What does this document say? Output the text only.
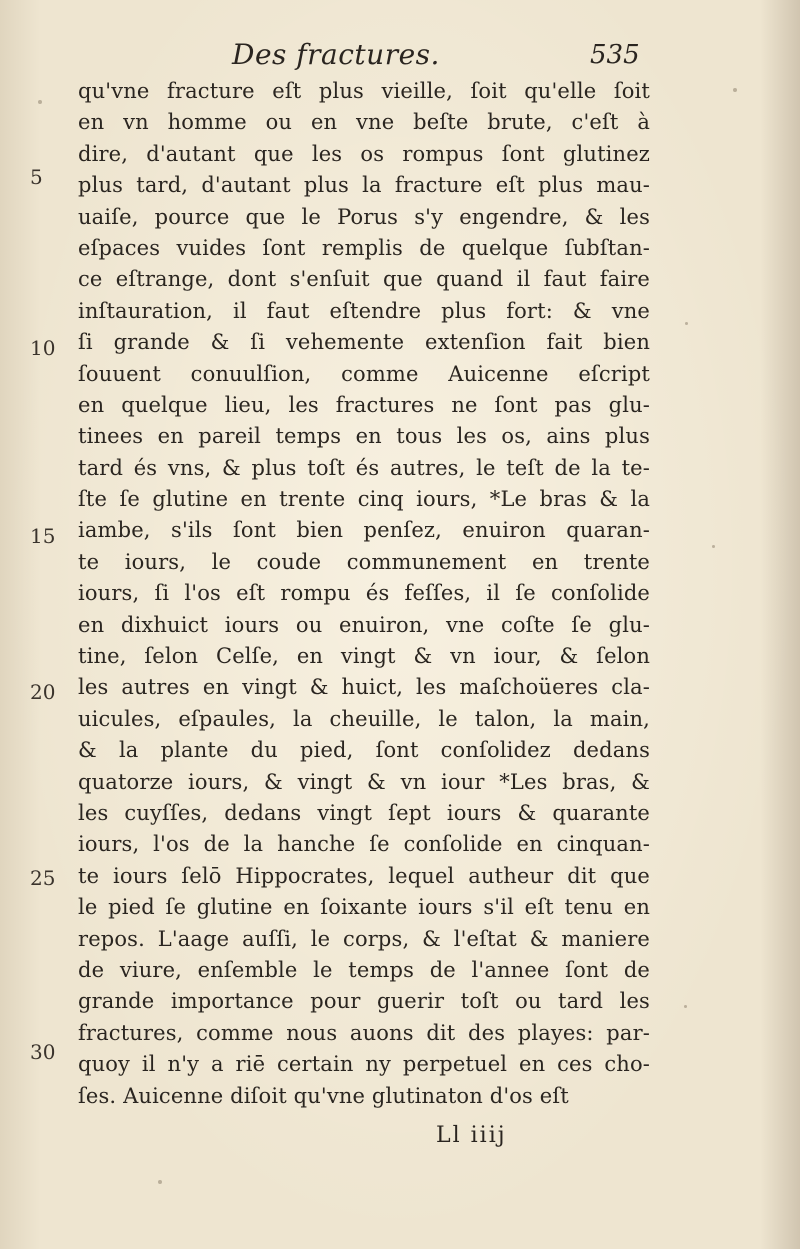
Des fractures.	535
5
10
15
20
25
30
qu'vne fracture eſt plus vieille, ſoit qu'elle ſoit
en vn homme ou en vne beſte brute, c'eſt à
dire, d'autant que les os rompus ſont glutinez
plus tard, d'autant plus la fracture eſt plus mau-
uaiſe, pource que le Porus s'y engendre, & les
eſpaces vuides ſont remplis de quelque ſubſtan-
ce eſtrange, dont s'enſuit que quand il faut faire
inſtauration, il faut eſtendre plus fort: & vne
ſi grande & ſi vehemente extenſion fait bien
ſouuent conuulſion, comme Auicenne eſcript
en quelque lieu, les fractures ne ſont pas glu-
tinees en pareil temps en tous les os, ains plus
tard és vns, & plus toſt és autres, le teſt de la te-
ſte ſe glutine en trente cinq iours, *Le bras & la
iambe, s'ils ſont bien penſez, enuiron quaran-
te iours, le coude communement en trente
iours, ſi l'os eſt rompu és feſſes, il ſe conſolide
en dixhuict iours ou enuiron, vne coſte ſe glu-
tine, ſelon Celſe, en vingt & vn iour, & ſelon
les autres en vingt & huict, les maſchoüeres cla-
uicules, eſpaules, la cheuille, le talon, la main,
& la plante du pied, ſont conſolidez dedans
quatorze iours, & vingt & vn iour *Les bras, &
les cuyſſes, dedans vingt ſept iours & quarante
iours, l'os de la hanche ſe conſolide en cinquan-
te iours ſelō Hippocrates, lequel autheur dit que
le pied ſe glutine en ſoixante iours s'il eſt tenu en
repos. L'aage auſſi, le corps, & l'eſtat & maniere
de viure, enſemble le temps de l'annee ſont de
grande importance pour guerir toſt ou tard les
fractures, comme nous auons dit des playes: par-
quoy il n'y a riē certain ny perpetuel en ces cho-
ſes. Auicenne diſoit qu'vne glutinaton d'os eſt
Ll iiij
